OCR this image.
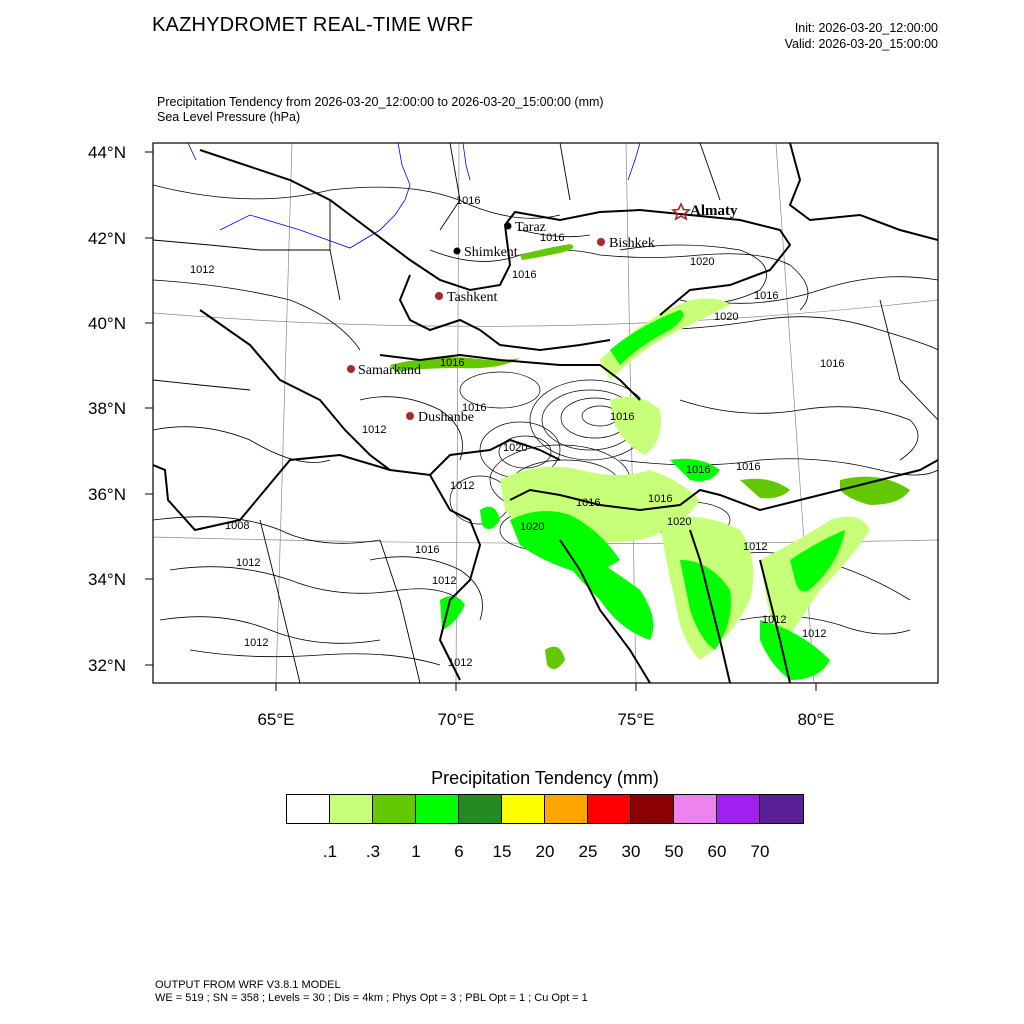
KAZHYDROMET REAL-TIME WRF	Init: 2026-03-20_12:00:00
Valid: 2026-03-20_15:00:00
Precipitation Tendency from 2026-03-20_12:00:00 to 2026-03-20_15:00:00 (mm)
Sea Level Pressure (hPa)
44°N
42°N
40°N
38°N
36°N
34°N
32°N
65°E	70°E	75°E	80°E
1016
1016
1012
1020
1016
1020
1016
1016
1016
1016
1016
1020
1012
1008
1012
1016
1012
1020
1016	1016
1016 1016
1020
1012
1012
1012
1012
1012
1012
Almaty
Taraz
Bishkek
Shimkent
Tashkent
Samarkand
Dushanbe
Precipitation Tendency (mm)
.1 .3 1 6 15 20 25 30 50 60 70
OUTPUT FROM WRF V3.8.1 MODEL
WE = 519 ; SN = 358 ; Levels = 30 ; Dis = 4km ; Phys Opt = 3 ; PBL Opt = 1 ; Cu Opt = 1
